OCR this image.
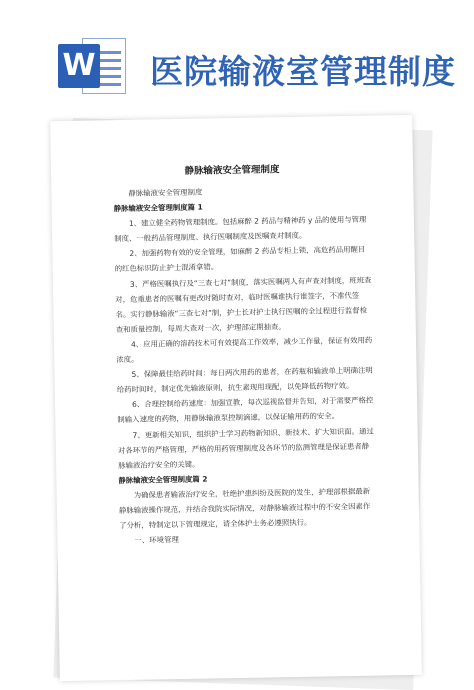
W 医院输液室管理制度
静脉输液安全管理制度

静脉输液安全管理制度

静脉输液安全管理制度篇 1

1、建立健全药物管理制度。包括麻醉 2 药品与精神药 y 品的使用与管理制度、一般药品管理制度、执行医嘱制度及医嘱查对制度。

2、加强药物有效的安全管理，如麻醉 2 药品专柜上锁，高危药品用醒目的红色标识防止护士混淆拿错。

3、严格医嘱执行及“三查七对”制度，落实医嘱两人有声查对制度，班班查对，危重患者的医嘱有更改时随时查对，临时医嘱谁执行谁签字，不准代签名。实行静脉输液“三查七对”制，护士长对护士执行医嘱的全过程进行监督检查和质量控制，每周大查对一次，护理部定期抽查。

4、应用正确的溶药技术可有效提高工作效率，减少工作量，保证有效用药浓度。

5、保障最佳给药时间：每日两次用药的患者，在药瓶和输液单上明确注明给药时间时，制定优先输液原则，抗生素现用现配，以免降低药物疗效。

6、合理控制给药速度：加强宣教，每次巡视监督并告知，对于需要严格控制输入速度的药物，用静脉输液泵控制滴速，以保证输用药的安全。

7、更新相关知识，组织护士学习药物新知识、新技术、扩大知识面。通过对各环节的严格管理，严格的用药管理制度及各环节的监测管理是保证患者静脉输液治疗安全的关键。

静脉输液安全管理制度篇 2

为确保患者输液治疗安全，杜绝护患纠纷及医院的发生，护理部根据最新静脉输液操作规范，并结合我院实际情况，对静脉输液过程中的不安全因素作了分析，特制定以下管理规定，请全体护士务必遵照执行。

一、环境管理
